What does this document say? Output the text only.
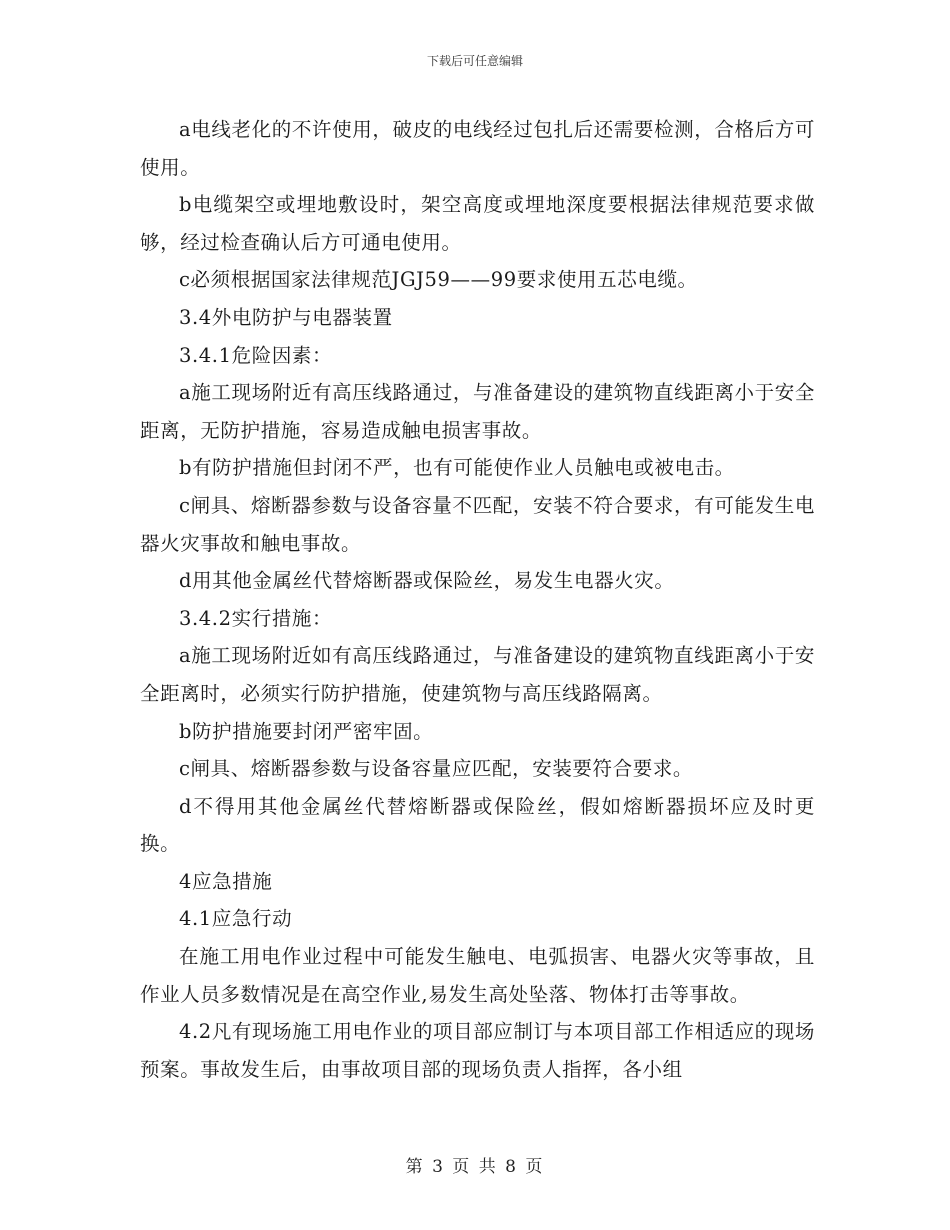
下载后可任意编辑

a电线老化的不许使用，破皮的电线经过包扎后还需要检测，合格后方可使用。

b电缆架空或埋地敷设时，架空高度或埋地深度要根据法律规范要求做够，经过检查确认后方可通电使用。

c必须根据国家法律规范JGJ59——99要求使用五芯电缆。

3.4外电防护与电器装置

3.4.1危险因素：

a施工现场附近有高压线路通过，与准备建设的建筑物直线距离小于安全距离，无防护措施，容易造成触电损害事故。

b有防护措施但封闭不严，也有可能使作业人员触电或被电击。

c闸具、熔断器参数与设备容量不匹配，安装不符合要求，有可能发生电器火灾事故和触电事故。

d用其他金属丝代替熔断器或保险丝，易发生电器火灾。

3.4.2实行措施：

a施工现场附近如有高压线路通过，与准备建设的建筑物直线距离小于安全距离时，必须实行防护措施，使建筑物与高压线路隔离。

b防护措施要封闭严密牢固。

c闸具、熔断器参数与设备容量应匹配，安装要符合要求。

d不得用其他金属丝代替熔断器或保险丝，假如熔断器损坏应及时更换。

4应急措施

4.1应急行动

在施工用电作业过程中可能发生触电、电弧损害、电器火灾等事故，且作业人员多数情况是在高空作业,易发生高处坠落、物体打击等事故。

4.2凡有现场施工用电作业的项目部应制订与本项目部工作相适应的现场预案。事故发生后，由事故项目部的现场负责人指挥，各小组

第 3 页 共 8 页
